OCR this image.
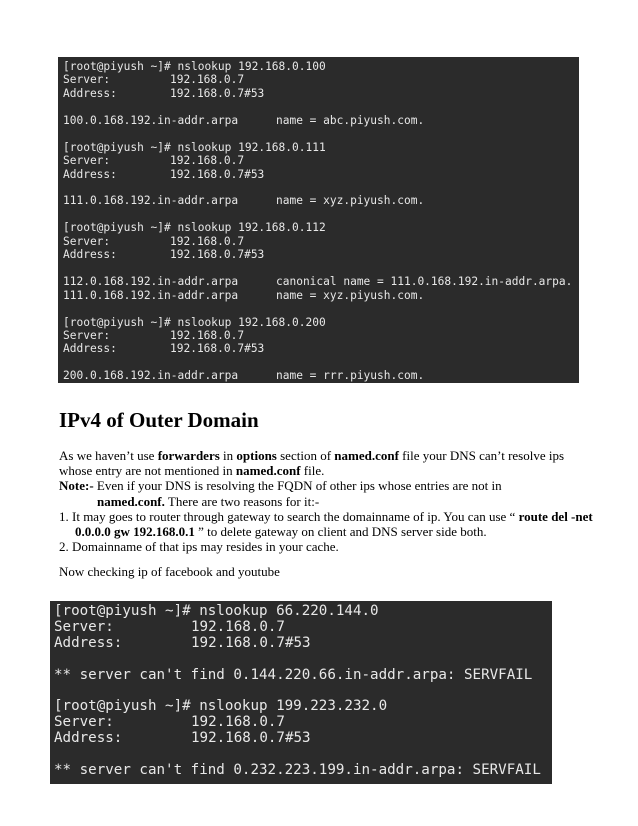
[root@piyush ~]# nslookup 192.168.0.100
Server:	192.168.0.7
Address:	192.168.0.7#53
100.0.168.192.in-addr.arpa	name = abc.piyush.com.
[root@piyush ~]# nslookup 192.168.0.111
Server:	192.168.0.7
Address:	192.168.0.7#53
111.0.168.192.in-addr.arpa	name = xyz.piyush.com.
[root@piyush ~]# nslookup 192.168.0.112
Server:	192.168.0.7
Address:	192.168.0.7#53
112.0.168.192.in-addr.arpa	canonical name = 111.0.168.192.in-addr.arpa.
111.0.168.192.in-addr.arpa	name = xyz.piyush.com.
[root@piyush ~]# nslookup 192.168.0.200
Server:	192.168.0.7
Address:	192.168.0.7#53
200.0.168.192.in-addr.arpa	name = rrr.piyush.com.
IPv4 of Outer Domain
As we haven’t use forwarders in options section of named.conf file your DNS can’t resolve ips
whose entry are not mentioned in named.conf file.
Note:- Even if your DNS is resolving the FQDN of other ips whose entries are not in
named.conf. There are two reasons for it:-
1. It may goes to router through gateway to search the domainname of ip. You can use “ route del -net
0.0.0.0 gw 192.168.0.1 ” to delete gateway on client and DNS server side both.
2. Domainname of that ips may resides in your cache.
Now checking ip of facebook and youtube
[root@piyush ~]# nslookup 66.220.144.0
Server:	192.168.0.7
Address:	192.168.0.7#53
** server can't find 0.144.220.66.in-addr.arpa: SERVFAIL
[root@piyush ~]# nslookup 199.223.232.0
Server:	192.168.0.7
Address:	192.168.0.7#53
** server can't find 0.232.223.199.in-addr.arpa: SERVFAIL
